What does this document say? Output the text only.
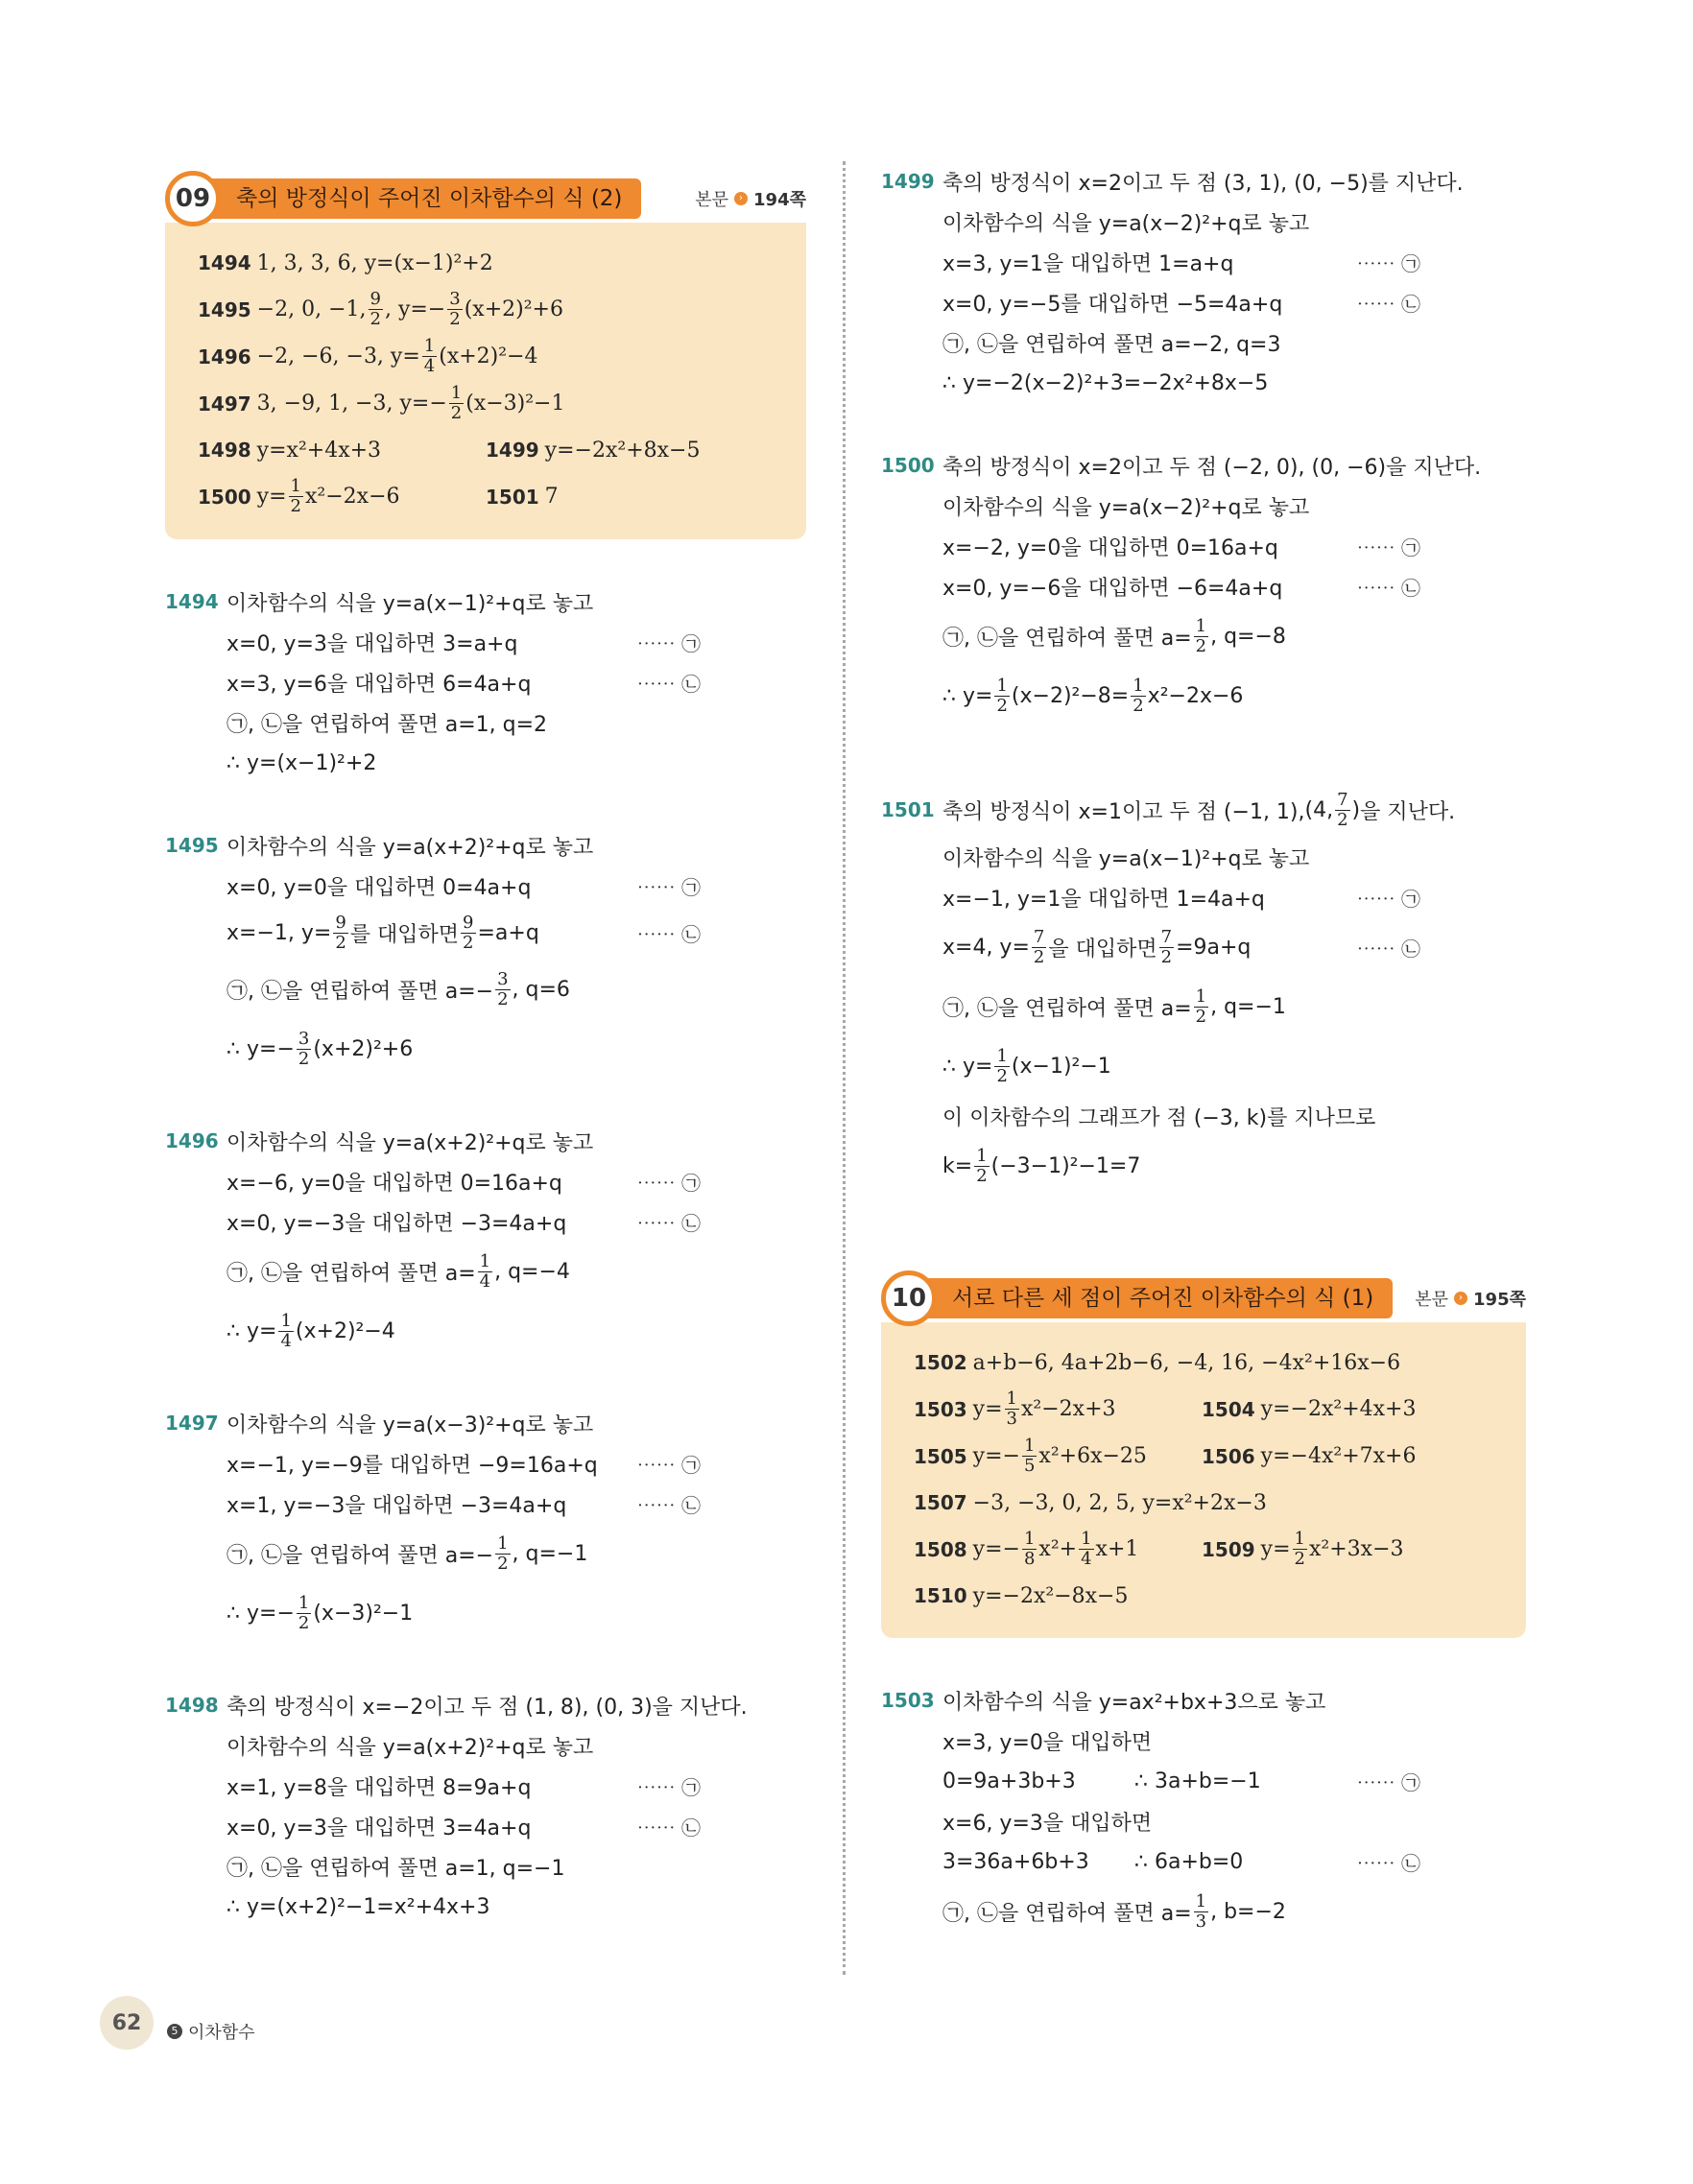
09	축의 방정식이 주어진 이차함수의 식 (2)	본문	› 194쪽
1494 1, 3, 3, 6, y=(x−1)²+2
1495 −2, 0, −1, $\frac{9}{2}$ , $y=- \frac{3}{2} (x+2)^2+6$
1496 −2, −6, −3, $y= \frac{1}{4} (x+2)^2-4$
1497 3, −9, 1, −3, $y=- \frac{1}{2} (x-3)^2-1$
1498 y=x²+4x+3	1499 y=−2x²+8x−5
1500 $y= \frac{1}{2} x^2-2x-6$	1501 7
1494 이차함수의 식을 y=a(x−1)²+q로 놓고
x=0, y=3을 대입하면 3=a+q	⋯⋯ ㉠
x=3, y=6을 대입하면 6=4a+q	⋯⋯ ㉡
㉠, ㉡을 연립하여 풀면 a=1, q=2
∴ y=(x−1)²+2
1495 이차함수의 식을 y=a(x+2)²+q로 놓고
x=0, y=0을 대입하면 0=4a+q	⋯⋯ ㉠
x=−1, $y= \frac{9}{2}$ 를 대입하면 $\frac{9}{2} =a+q$	⋯⋯ ㉡
㉠, ㉡을 연립하여 풀면 $a=- \frac{3}{2}$ , q=6
∴ $y=- \frac{3}{2} (x+2)^2+6$
1496 이차함수의 식을 y=a(x+2)²+q로 놓고
x=−6, y=0을 대입하면 0=16a+q	⋯⋯ ㉠
x=0, y=−3을 대입하면 −3=4a+q	⋯⋯ ㉡
㉠, ㉡을 연립하여 풀면 $a= \frac{1}{4}$ , q=−4
∴ $y= \frac{1}{4} (x+2)^2-4$
1497 이차함수의 식을 y=a(x−3)²+q로 놓고
x=−1, y=−9를 대입하면 −9=16a+q ⋯⋯ ㉠
x=1, y=−3을 대입하면 −3=4a+q	⋯⋯ ㉡
㉠, ㉡을 연립하여 풀면 $a=- \frac{1}{2}$ , q=−1
∴ $y=- \frac{1}{2} (x-3)^2-1$
1498 축의 방정식이 x=−2이고 두 점 (1, 8), (0, 3)을 지난다.
이차함수의 식을 y=a(x+2)²+q로 놓고
x=1, y=8을 대입하면 8=9a+q	⋯⋯ ㉠
x=0, y=3을 대입하면 3=4a+q	⋯⋯ ㉡
㉠, ㉡을 연립하여 풀면 a=1, q=−1
∴ y=(x+2)²−1=x²+4x+3
1499 축의 방정식이 x=2이고 두 점 (3, 1), (0, −5)를 지난다.
이차함수의 식을 y=a(x−2)²+q로 놓고
x=3, y=1을 대입하면 1=a+q	⋯⋯ ㉠
x=0, y=−5를 대입하면 −5=4a+q	⋯⋯ ㉡
㉠, ㉡을 연립하여 풀면 a=−2, q=3
∴ y=−2(x−2)²+3=−2x²+8x−5
1500 축의 방정식이 x=2이고 두 점 (−2, 0), (0, −6)을 지난다.
이차함수의 식을 y=a(x−2)²+q로 놓고
x=−2, y=0을 대입하면 0=16a+q	⋯⋯ ㉠
x=0, y=−6을 대입하면 −6=4a+q	⋯⋯ ㉡
㉠, ㉡을 연립하여 풀면 $a= \frac{1}{2}$ , q=−8
∴ $y= \frac{1}{2} (x-2)^2-8= \frac{1}{2} x^2-2x-6$
1501 축의 방정식이 x=1이고 두 점 (−1, 1), (4, $\frac{7}{2}$ ) 을 지난다.
이차함수의 식을 y=a(x−1)²+q로 놓고
x=−1, y=1을 대입하면 1=4a+q	⋯⋯ ㉠
x=4, $y= \frac{7}{2}$ 을 대입하면 $\frac{7}{2} =9a+q$	⋯⋯ ㉡
㉠, ㉡을 연립하여 풀면 $a= \frac{1}{2}$ , q=−1
∴ $y= \frac{1}{2} (x-1)^2-1$
이 이차함수의 그래프가 점 (−3, k)를 지나므로
$k= \frac{1}{2} (-3-1)^2-1=7$
10	서로 다른 세 점이 주어진 이차함수의 식 (1)	본문	› 195쪽
1502 a+b−6, 4a+2b−6, −4, 16, −4x²+16x−6
1503 $y= \frac{1}{3} x^2-2x+3$	1504 y=−2x²+4x+3
1505 $y=- \frac{1}{5} x^2+6x-25$	1506 y=−4x²+7x+6
1507 −3, −3, 0, 2, 5, y=x²+2x−3
1508 $y=- \frac{1}{8} x^2+ \frac{1}{4} x+1$	1509 $y= \frac{1}{2} x^2+3x-3$
1510 y=−2x²−8x−5
1503 이차함수의 식을 y=ax²+bx+3으로 놓고
x=3, y=0을 대입하면
0=9a+3b+3	∴ 3a+b=−1	⋯⋯ ㉠
x=6, y=3을 대입하면
3=36a+6b+3	∴ 6a+b=0	⋯⋯ ㉡
㉠, ㉡을 연립하여 풀면 $a= \frac{1}{3}$ , b=−2
62	5 이차함수
